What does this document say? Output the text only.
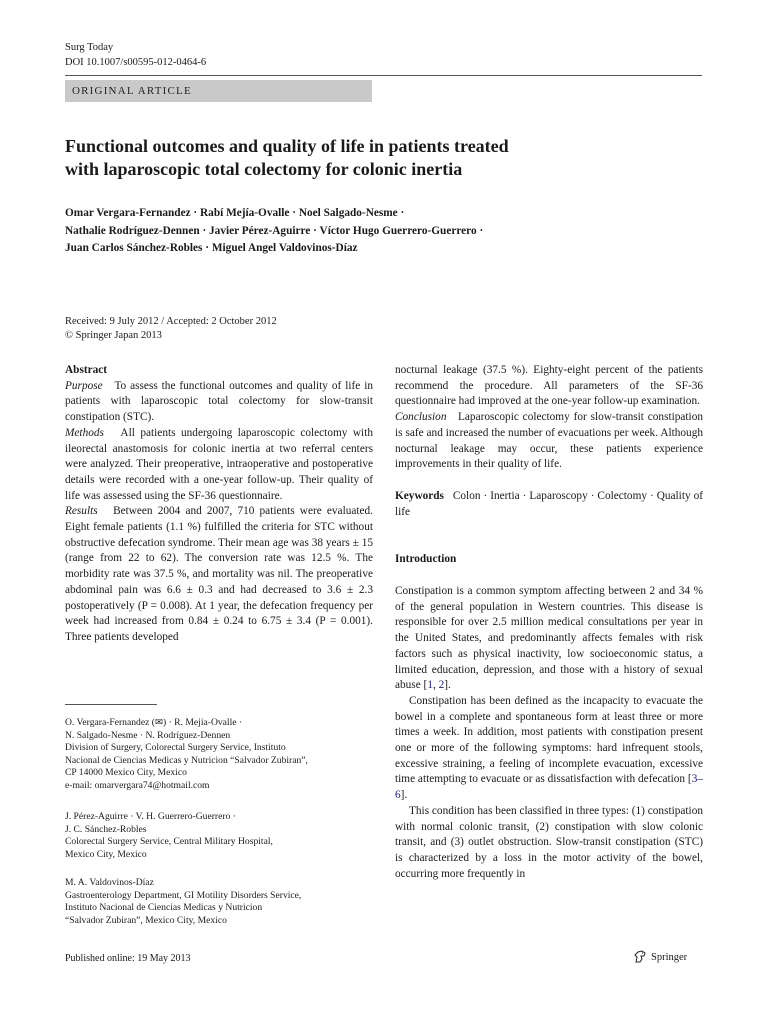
Surg Today
DOI 10.1007/s00595-012-0464-6
ORIGINAL ARTICLE
Functional outcomes and quality of life in patients treated
with laparoscopic total colectomy for colonic inertia
Omar Vergara-Fernandez · Rabí Mejía-Ovalle · Noel Salgado-Nesme ·
Nathalie Rodríguez-Dennen · Javier Pérez-Aguirre · Víctor Hugo Guerrero-Guerrero ·
Juan Carlos Sánchez-Robles · Miguel Angel Valdovinos-Díaz
Received: 9 July 2012 / Accepted: 2 October 2012
© Springer Japan 2013

Abstract

Purpose To assess the functional outcomes and quality of life in patients with laparoscopic total colectomy for slow-transit constipation (STC).

Methods All patients undergoing laparoscopic colectomy with ileorectal anastomosis for colonic inertia at two referral centers were analyzed. Their preoperative, intraoperative and postoperative details were recorded with a one-year follow-up. Their quality of life was assessed using the SF-36 questionnaire.

Results Between 2004 and 2007, 710 patients were evaluated. Eight female patients (1.1 %) fulfilled the criteria for STC without obstructive defecation syndrome. Their mean age was 38 years ± 15 (range from 22 to 62). The conversion rate was 12.5 %. The morbidity rate was 37.5 %, and mortality was nil. The preoperative abdominal pain was 6.6 ± 0.3 and had decreased to 3.6 ± 2.3 postoperatively (P = 0.008). At 1 year, the defecation frequency per week had increased from 0.84 ± 0.24 to 6.75 ± 3.4 (P = 0.001). Three patients developed

O. Vergara-Fernandez (✉) · R. Mejía-Ovalle ·
N. Salgado-Nesme · N. Rodríguez-Dennen
Division of Surgery, Colorectal Surgery Service, Instituto
Nacional de Ciencias Medicas y Nutricion “Salvador Zubiran”,
CP 14000 Mexico City, Mexico
e-mail: omarvergara74@hotmail.com
J. Pérez-Aguirre · V. H. Guerrero-Guerrero ·
J. C. Sánchez-Robles
Colorectal Surgery Service, Central Military Hospital,
Mexico City, Mexico
M. A. Valdovinos-Díaz
Gastroenterology Department, GI Motility Disorders Service,
Instituto Nacional de Ciencias Medicas y Nutricion
“Salvador Zubiran”, Mexico City, Mexico

nocturnal leakage (37.5 %). Eighty-eight percent of the patients recommend the procedure. All parameters of the SF-36 questionnaire had improved at the one-year follow-up examination.

Conclusion Laparoscopic colectomy for slow-transit constipation is safe and increased the number of evacuations per week. Although nocturnal leakage may occur, these patients experience improvements in their quality of life.

Keywords Colon · Inertia · Laparoscopy · Colectomy · Quality of life

Introduction

Constipation is a common symptom affecting between 2 and 34 % of the general population in Western countries. This disease is responsible for over 2.5 million medical consultations per year in the United States, and predominantly affects females with risk factors such as physical inactivity, low socioeconomic status, a limited education, depression, and those with a history of sexual abuse [1, 2].

Constipation has been defined as the incapacity to evacuate the bowel in a complete and spontaneous form at least three or more times a week. In addition, most patients with constipation present one or more of the following symptoms: hard infrequent stools, excessive straining, a feeling of incomplete evacuation, excessive time attempting to evacuate or as dissatisfaction with defecation [3–6].

This condition has been classified in three types: (1) constipation with normal colonic transit, (2) constipation with slow colonic transit, and (3) outlet obstruction. Slow-transit constipation (STC) is characterized by a loss in the motor activity of the bowel, occurring more frequently in

Published online: 19 May 2013	Springer
